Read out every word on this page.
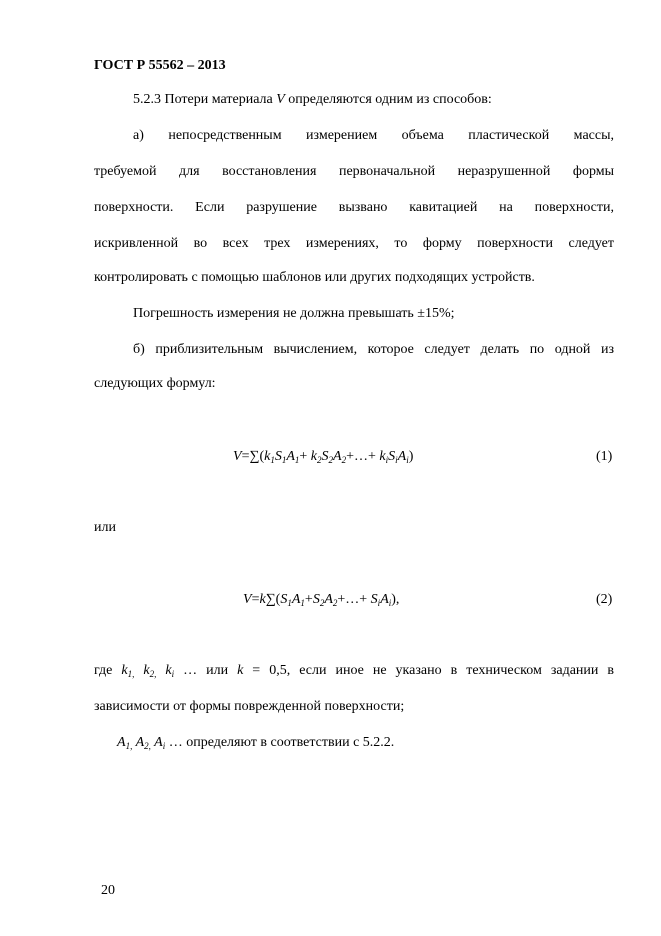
ГОСТ Р 55562 – 2013
5.2.3 Потери материала V определяются одним из способов:
а) непосредственным измерением объема пластической массы,
требуемой для восстановления первоначальной неразрушенной формы
поверхности. Если разрушение вызвано кавитацией на поверхности,
искривленной во всех трех измерениях, то форму поверхности следует
контролировать с помощью шаблонов или других подходящих устройств.
Погрешность измерения не должна превышать ±15%;
б) приблизительным вычислением, которое следует делать по одной из
следующих формул:
$V=\sum(k_1S_1A_1+$ $k_2S_2A_2+\dots+ k_iS_iA_i$)	(1)
или
$V=k\sum(S_1A_1+S_2A_2+\dots+ S_iA_i)$,	(2)
где $k_{1,}$ $k_{2,}$ $k_i$ … или k = 0,5, если иное не указано в техническом задании в
зависимости от формы поврежденной поверхности;
$A_{1,}$ $A_{2,}$ $A_i$ … определяют в соответствии с 5.2.2.
20
